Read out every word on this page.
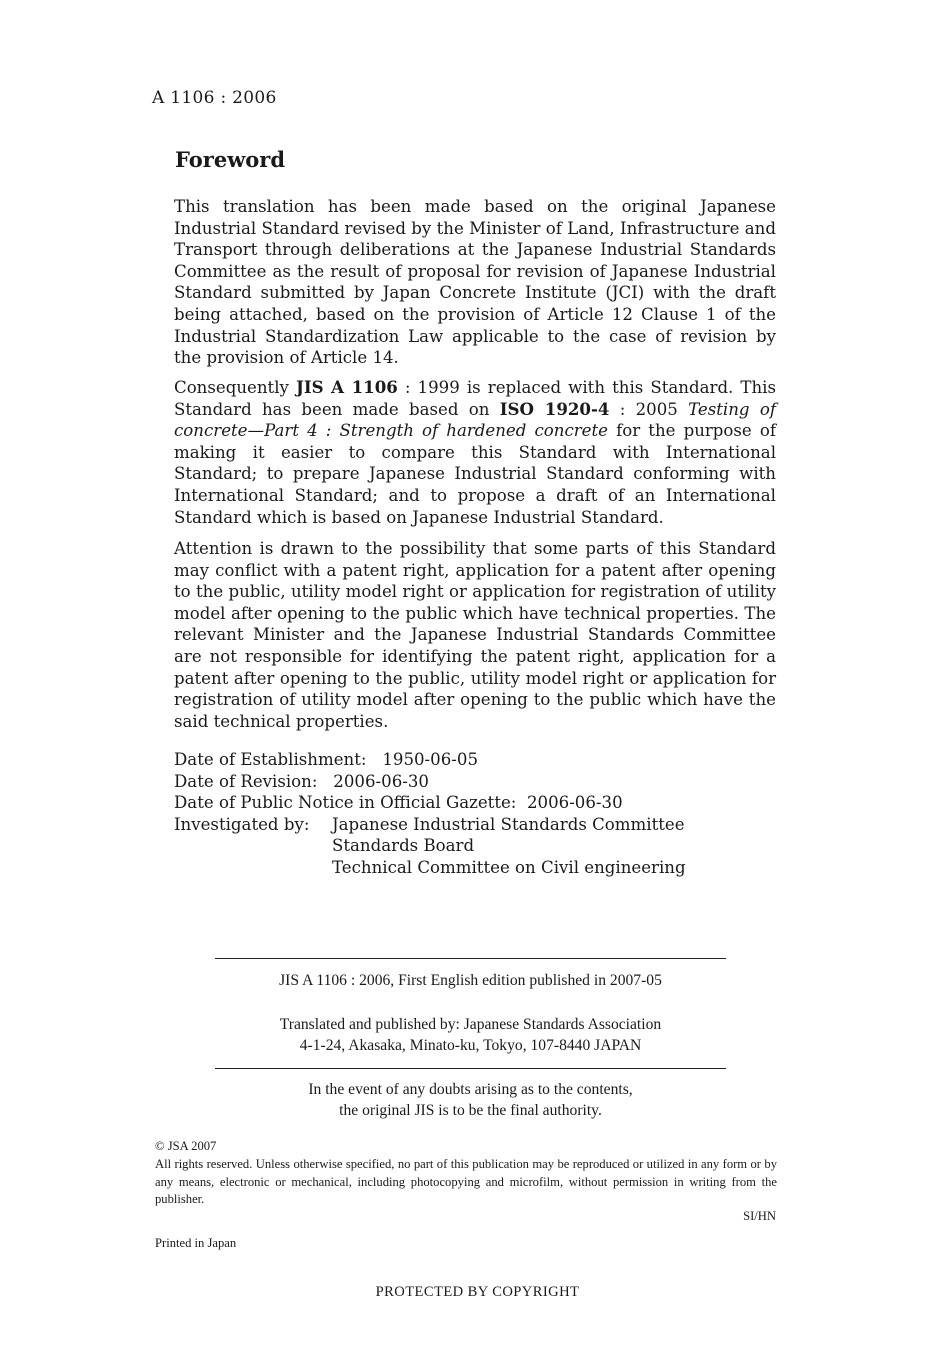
A 1106 : 2006
Foreword
This translation has been made based on the original Japanese Industrial Standard revised by the Minister of Land, Infrastructure and Transport through deliberations at the Japanese Industrial Standards Committee as the result of proposal for revision of Japanese Industrial Standard submitted by Japan Concrete Institute (JCI) with the draft being attached, based on the provision of Article 12 Clause 1 of the Industrial Standardization Law applicable to the case of revision by the provision of Article 14.
Consequently JIS A 1106 : 1999 is replaced with this Standard. This Standard has been made based on ISO 1920-4 : 2005 Testing of concrete—Part 4 : Strength of hardened concrete for the purpose of making it easier to compare this Standard with International Standard; to prepare Japanese Industrial Standard conforming with International Standard; and to propose a draft of an International Standard which is based on Japanese Industrial Standard.
Attention is drawn to the possibility that some parts of this Standard may conflict with a patent right, application for a patent after opening to the public, utility model right or application for registration of utility model after opening to the public which have technical properties. The relevant Minister and the Japanese Industrial Standards Committee are not responsible for identifying the patent right, application for a patent after opening to the public, utility model right or application for registration of utility model after opening to the public which have the said technical properties.
Date of Establishment: 1950-06-05
Date of Revision: 2006-06-30
Date of Public Notice in Official Gazette: 2006-06-30
Investigated by: Japanese Industrial Standards Committee
Standards Board
Technical Committee on Civil engineering
JIS A 1106 : 2006, First English edition published in 2007-05
Translated and published by: Japanese Standards Association
4-1-24, Akasaka, Minato-ku, Tokyo, 107-8440 JAPAN
In the event of any doubts arising as to the contents,
the original JIS is to be the final authority.
© JSA 2007
All rights reserved. Unless otherwise specified, no part of this publication may be reproduced or utilized in any form or by any means, electronic or mechanical, including photocopying and microfilm, without permission in writing from the publisher.
SI/HN
Printed in Japan
PROTECTED BY COPYRIGHT
